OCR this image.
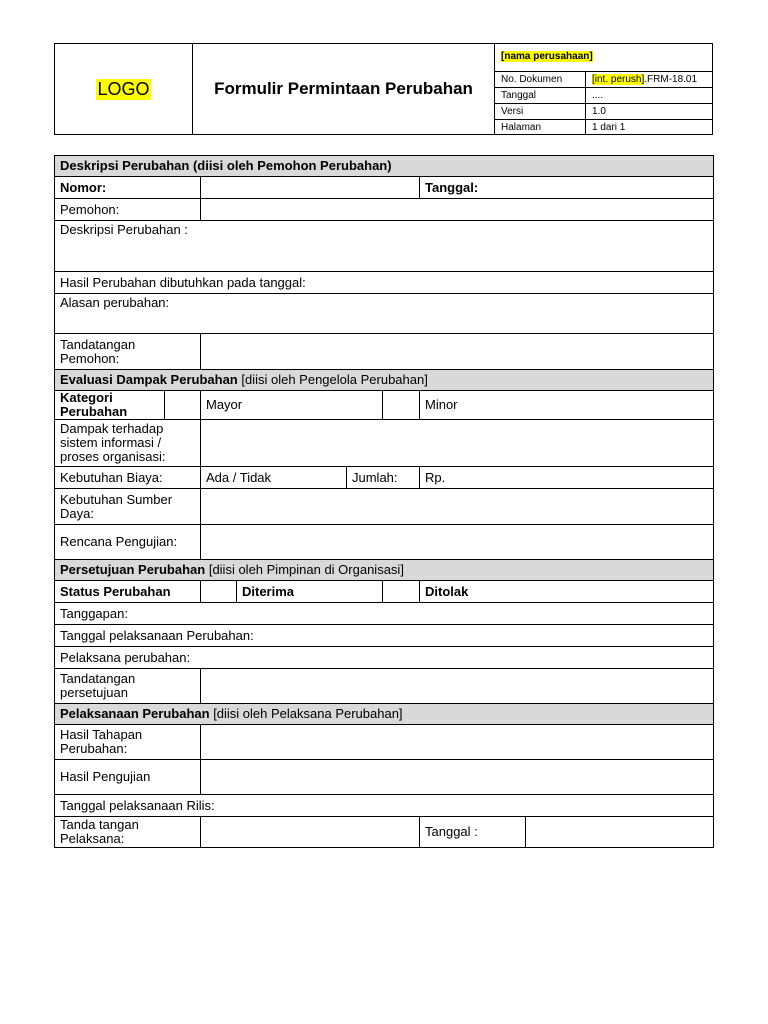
LOGO	Formulir Permintaan Perubahan
[nama perusahaan]	
No. Dokumen	[int. perush].FRM-18.01
Tanggal	....
Versi	1.0
Halaman	1 dari 1
Deskripsi Perubahan (diisi oleh Pemohon Perubahan)							
Nomor:						Tanggal:	
Pemohon:							
Deskripsi Perubahan :							
Hasil Perubahan dibutuhkan pada tanggal:							
Alasan perubahan:							
Tandatangan Pemohon:							
Evaluasi Dampak Perubahan [diisi oleh Pengelola Perubahan]							
Kategori Perubahan		Mayor				Minor	
Dampak terhadap sistem informasi / proses organisasi:							
Kebutuhan Biaya:		Ada / Tidak		Jumlah:		Rp.	
Kebutuhan Sumber Daya:							
Rencana Pengujian:							
Persetujuan Perubahan [diisi oleh Pimpinan di Organisasi]							
Status Perubahan			Diterima			Ditolak	
Tanggapan:							
Tanggal pelaksanaan Perubahan:							
Pelaksana perubahan:							
Tandatangan persetujuan							
Pelaksanaan Perubahan [diisi oleh Pelaksana Perubahan]							
Hasil Tahapan Perubahan:							
Hasil Pengujian							
Tanggal pelaksanaan Rilis:							
Tanda tangan Pelaksana:						Tanggal :	
